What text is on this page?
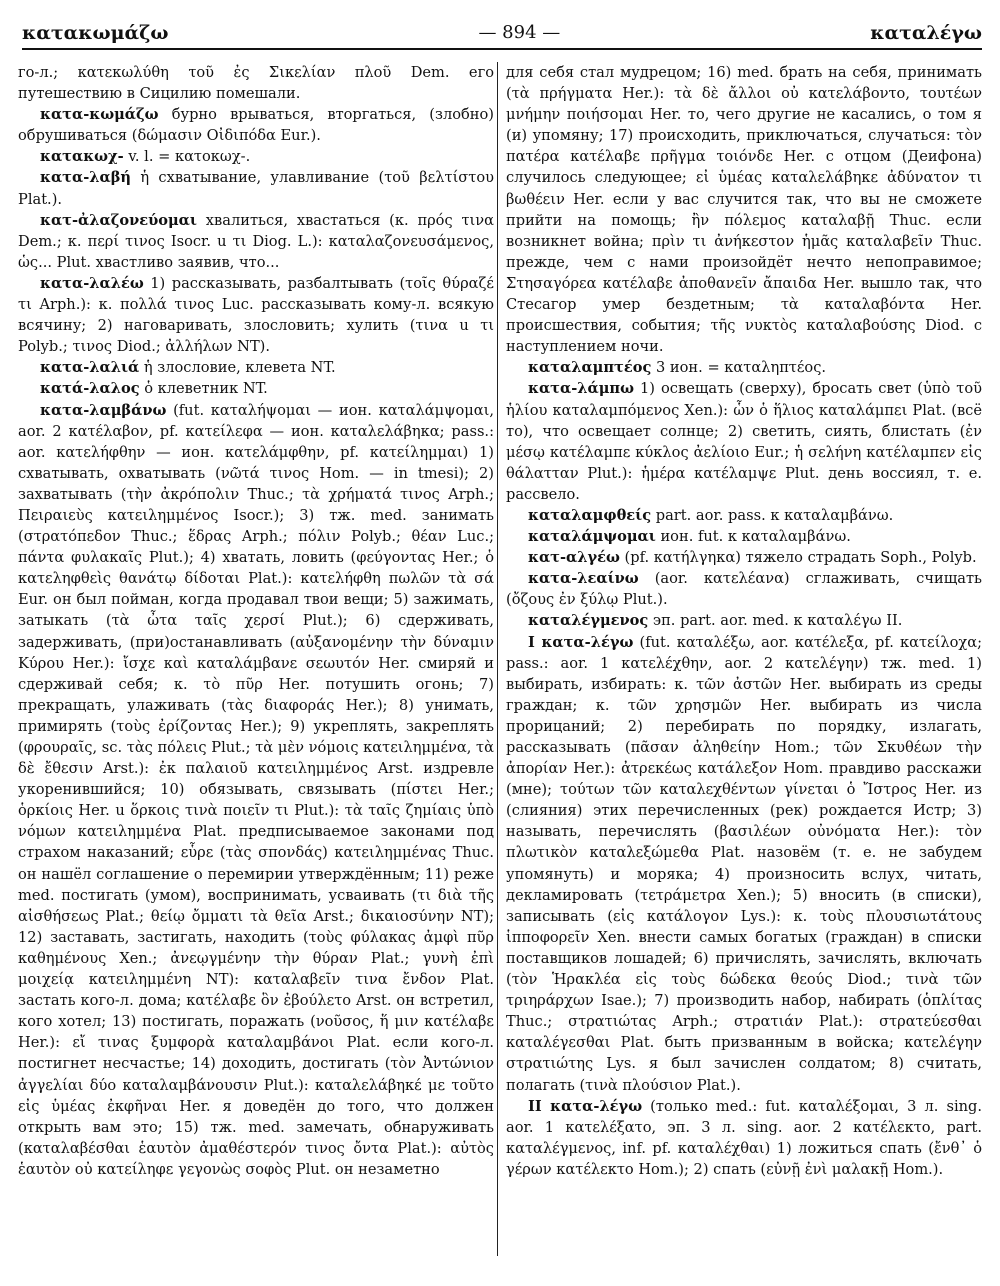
κατακωμάζω	— 894 —	καταλέγω

го-л.; κατεκωλύθη τοῦ ἐς Σικελίαν πλοῦ Dem. его путешествию в Сицилию помешали.

κατα-κωμάζω бурно врываться, вторгаться, (злобно) обрушиваться (δώμασιν Οἰδιπόδα Eur.).

κατακωχ- v. l. = κατοκωχ-.

κατα-λαβή ἡ схватывание, улавливание (τοῦ βελτίστου Plat.).

κατ-ἀλαζονεύομαι хвалиться, хвастаться (κ. πρός τινα Dem.; κ. περί τινος Isocr. u τι Diog. L.): καταλαζονευσάμενος, ὡς... Plut. хвастливо заявив, что...

κατα-λαλέω 1) рассказывать, разбалтывать (τοῖς θύραζέ τι Arph.): κ. πολλά τινος Luc. рассказывать кому-л. всякую всячину; 2) наговаривать, злословить; хулить (τινα u τι Polyb.; τινος Diod.; ἀλλήλων NT).

κατα-λαλιά ἡ злословие, клевета NT.

κατά-λαλος ὁ клеветник NT.

κατα-λαμβάνω (fut. καταλήψομαι — ион. καταλάμψομαι, aor. 2 κατέλαβον, pf. κατείλεφα — ион. καταλελάβηκα; pass.: aor. κατελήφθην — ион. κατελάμφθην, pf. κατείλημμαι) 1) схватывать, охватывать (νῶτά τινος Hom. — in tmesi); 2) захватывать (τὴν ἀκρόπολιν Thuc.; τὰ χρήματά τινος Arph.; Πειραιεὺς κατειλημμένος Isocr.); 3) тж. med. занимать (στρατόπεδον Thuc.; ἕδρας Arph.; πόλιν Polyb.; θέαν Luc.; πάντα φυλακαῖς Plut.); 4) хватать, ловить (φεύγοντας Her.; ὁ κατεληφθεὶς θανάτῳ δίδοται Plat.): κατελήφθη πωλῶν τὰ σά Eur. он был пойман, когда продавал твои вещи; 5) зажимать, затыкать (τὰ ὦτα ταῖς χερσί Plut.); 6) сдерживать, задерживать, (при)останавливать (αὐξανομένην τὴν δύναμιν Κύρου Her.): ἴσχε καὶ καταλάμβανε σεωυτόν Her. смиряй и сдерживай себя; κ. τὸ πῦρ Her. потушить огонь; 7) прекращать, улаживать (τὰς διαφοράς Her.); 8) унимать, примирять (τοὺς ἐρίζοντας Her.); 9) укреплять, закреплять (φρουραῖς, sc. τὰς πόλεις Plut.; τὰ μὲν νόμοις κατειλημμένα, τὰ δὲ ἔθεσιν Arst.): ἐκ παλαιοῦ κατειλημμένος Arst. издревле укоренившийся; 10) обязывать, связывать (πίστει Her.; ὁρκίοις Her. u ὅρκοις τινὰ ποιεῖν τι Plut.): τὰ ταῖς ζημίαις ὑπὸ νόμων κατειλημμένα Plat. предписываемое законами под страхом наказаний; εὗρε (τὰς σπονδάς) κατειλημμένας Thuc. он нашёл соглашение о перемирии утверждённым; 11) реже med. постигать (умом), воспринимать, усваивать (τι διὰ τῆς αἰσθήσεως Plat.; θείῳ ὄμματι τὰ θεῖα Arst.; δικαιοσύνην NT); 12) заставать, застигать, находить (τοὺς φύλακας ἀμφὶ πῦρ καθημένους Xen.; ἀνεῳγμένην τὴν θύραν Plat.; γυνὴ ἐπὶ μοιχείᾳ κατειλημμένη NT): καταλαβεῖν τινα ἔνδον Plat. застать кого-л. дома; κατέλαβε ὃν ἐβούλετο Arst. он встретил, кого хотел; 13) постигать, поражать (νοῦσος, ἥ μιν κατέλαβε Her.): εἴ τινας ξυμφορὰ καταλαμβάνοι Plat. если кого-л. постигнет несчастье; 14) доходить, достигать (τὸν Ἀντώνιον ἀγγελίαι δύο καταλαμβάνουσιν Plut.): καταλελάβηκέ με τοῦτο εἰς ὑμέας ἐκφῆναι Her. я доведён до того, что должен открыть вам это; 15) тж. med. замечать, обнаруживать (καταλαβέσθαι ἑαυτὸν ἀμαθέστερόν τινος ὄντα Plat.): αὐτὸς ἑαυτὸν οὐ κατείληφε γεγονὼς σοφὸς Plut. он незаметно

для себя стал мудрецом; 16) med. брать на себя, принимать (τὰ πρήγματα Her.): τὰ δὲ ἄλλοι οὐ κατελάβοντο, τουτέων μνήμην ποιήσομαι Her. то, чего другие не касались, о том я (и) упомяну; 17) происходить, приключаться, случаться: τὸν πατέρα κατέλαβε πρῆγμα τοιόνδε Her. с отцом (Деифона) случилось следующее; εἰ ὑμέας καταλελάβηκε ἀδύνατον τι βωθέειν Her. если у вас случится так, что вы не сможете прийти на помощь; ἢν πόλεμος καταλαβῇ Thuc. если возникнет война; πρὶν τι ἀνήκεστον ἡμᾶς καταλαβεῖν Thuc. прежде, чем с нами произойдёт нечто непоправимое; Στησαγόρεα κατέλαβε ἀποθανεῖν ἄπαιδα Her. вышло так, что Стесагор умер бездетным; τὰ καταλαβόντα Her. происшествия, события; τῆς νυκτὸς καταλαβούσης Diod. с наступлением ночи.

καταλαμπτέος 3 ион. = καταληπτέος.

κατα-λάμπω 1) освещать (сверху), бросать свет (ὑπὸ τοῦ ἡλίου καταλαμπόμενος Xen.): ὧν ὁ ἥλιος καταλάμπει Plat. (всё то), что освещает солнце; 2) светить, сиять, блистать (ἐν μέσῳ κατέλαμπε κύκλος ἀελίοιο Eur.; ἡ σελήνη κατέλαμπεν εἰς θάλατταν Plut.): ἡμέρα κατέλαμψε Plut. день воссиял, т. е. рассвело.

καταλαμφθείς part. aor. pass. к καταλαμβάνω.

καταλάμψομαι ион. fut. к καταλαμβάνω.

κατ-αλγέω (pf. κατήλγηκα) тяжело страдать Soph., Polyb.

κατα-λεαίνω (aor. κατελέανα) сглаживать, счищать (ὄζους ἐν ξύλῳ Plut.).

καταλέγμενος эп. part. aor. med. к καταλέγω II.

I κατα-λέγω (fut. καταλέξω, aor. κατέλεξα, pf. κατείλοχα; pass.: aor. 1 κατελέχθην, aor. 2 κατελέγην) тж. med. 1) выбирать, избирать: κ. τῶν ἀστῶν Her. выбирать из среды граждан; κ. τῶν χρησμῶν Her. выбирать из числа прорицаний; 2) перебирать по порядку, излагать, рассказывать (πᾶσαν ἀληθείην Hom.; τῶν Σκυθέων τὴν ἀπορίαν Her.): ἀτρεκέως κατάλεξον Hom. правдиво расскажи (мне); τούτων τῶν καταλεχθέντων γίνεται ὁ Ἴστρος Her. из (слияния) этих перечисленных (рек) рождается Истр; 3) называть, перечислять (βασιλέων οὐνόματα Her.): τὸν πλωτικὸν καταλεξώμεθα Plat. назовём (т. е. не забудем упомянуть) и моряка; 4) произносить вслух, читать, декламировать (τετράμετρα Xen.); 5) вносить (в списки), записывать (εἰς κατάλογον Lys.): κ. τοὺς πλουσιωτάτους ἱπποφορεῖν Xen. внести самых богатых (граждан) в списки поставщиков лошадей; 6) причислять, зачислять, включать (τὸν Ἡρακλέα εἰς τοὺς δώδεκα θεούς Diod.; τινὰ τῶν τριηράρχων Isae.); 7) производить набор, набирать (ὁπλίτας Thuc.; στρατιώτας Arph.; στρατιάν Plat.): στρατεύεσθαι καταλέγεσθαι Plat. быть призванным в войска; κατελέγην στρατιώτης Lys. я был зачислен солдатом; 8) считать, полагать (τινὰ πλούσιον Plat.).

II κατα-λέγω (только med.: fut. καταλέξομαι, 3 л. sing. aor. 1 κατελέξατο, эп. 3 л. sing. aor. 2 κατέλεκτο, part. καταλέγμενος, inf. pf. καταλέχθαι) 1) ложиться спать (ἔνθ᾽ ὁ γέρων κατέλεκτο Hom.); 2) спать (εὐνῇ ἐνὶ μαλακῇ Hom.).
